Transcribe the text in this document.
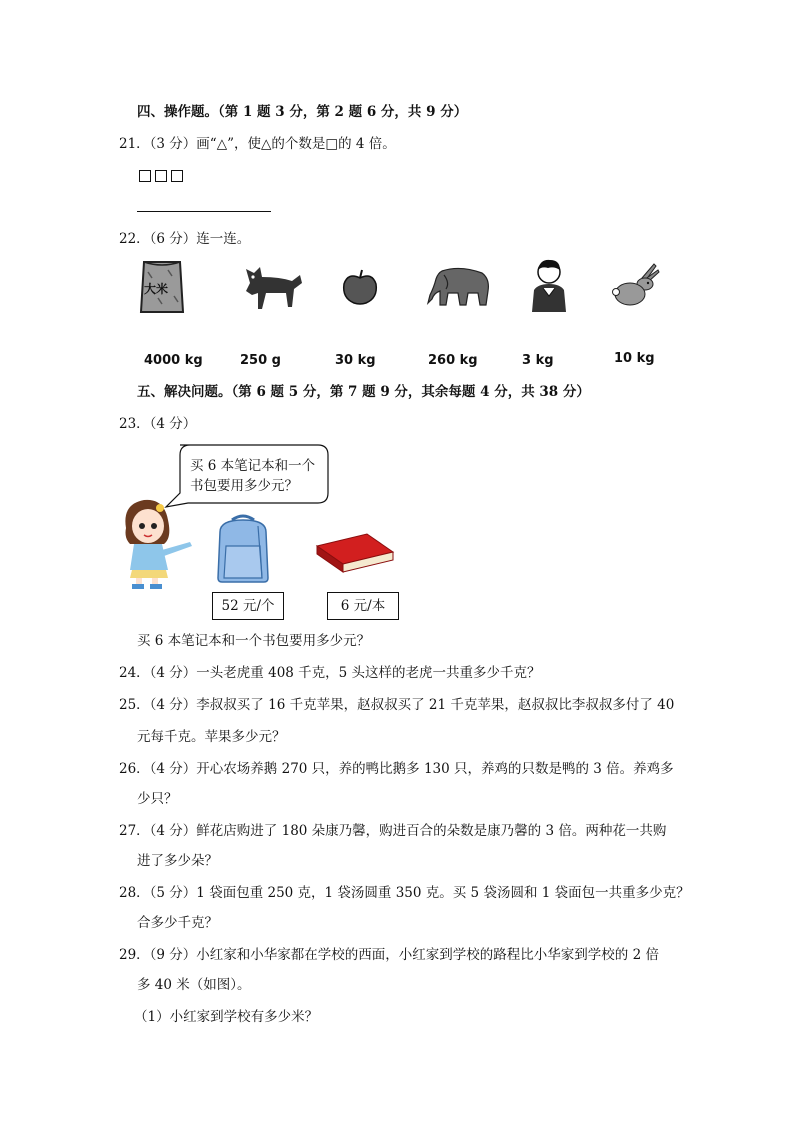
四、操作题。（第 1 题 3 分，第 2 题 6 分，共 9 分）
21．（3 分）画“△”，使△的个数是□的 4 倍。
22．（6 分）连一连。
大米
4000 kg	250 g	30 kg	260 kg	3 kg	10 kg
五、解决问题。（第 6 题 5 分，第 7 题 9 分，其余每题 4 分，共 38 分）
23．（4 分）
买 6 本笔记本和一个
书包要用多少元？
52 元/个	6 元/本
买 6 本笔记本和一个书包要用多少元？
24．（4 分）一头老虎重 408 千克，5 头这样的老虎一共重多少千克？
25．（4 分）李叔叔买了 16 千克苹果，赵叔叔买了 21 千克苹果，赵叔叔比李叔叔多付了 40
元每千克。苹果多少元？
26．（4 分）开心农场养鹅 270 只，养的鸭比鹅多 130 只，养鸡的只数是鸭的 3 倍。养鸡多
少只？
27．（4 分）鲜花店购进了 180 朵康乃馨，购进百合的朵数是康乃馨的 3 倍。两种花一共购
进了多少朵？
28．（5 分）1 袋面包重 250 克，1 袋汤圆重 350 克。买 5 袋汤圆和 1 袋面包一共重多少克？
合多少千克？
29．（9 分）小红家和小华家都在学校的西面，小红家到学校的路程比小华家到学校的 2 倍
多 40 米（如图）。
（1）小红家到学校有多少米？
